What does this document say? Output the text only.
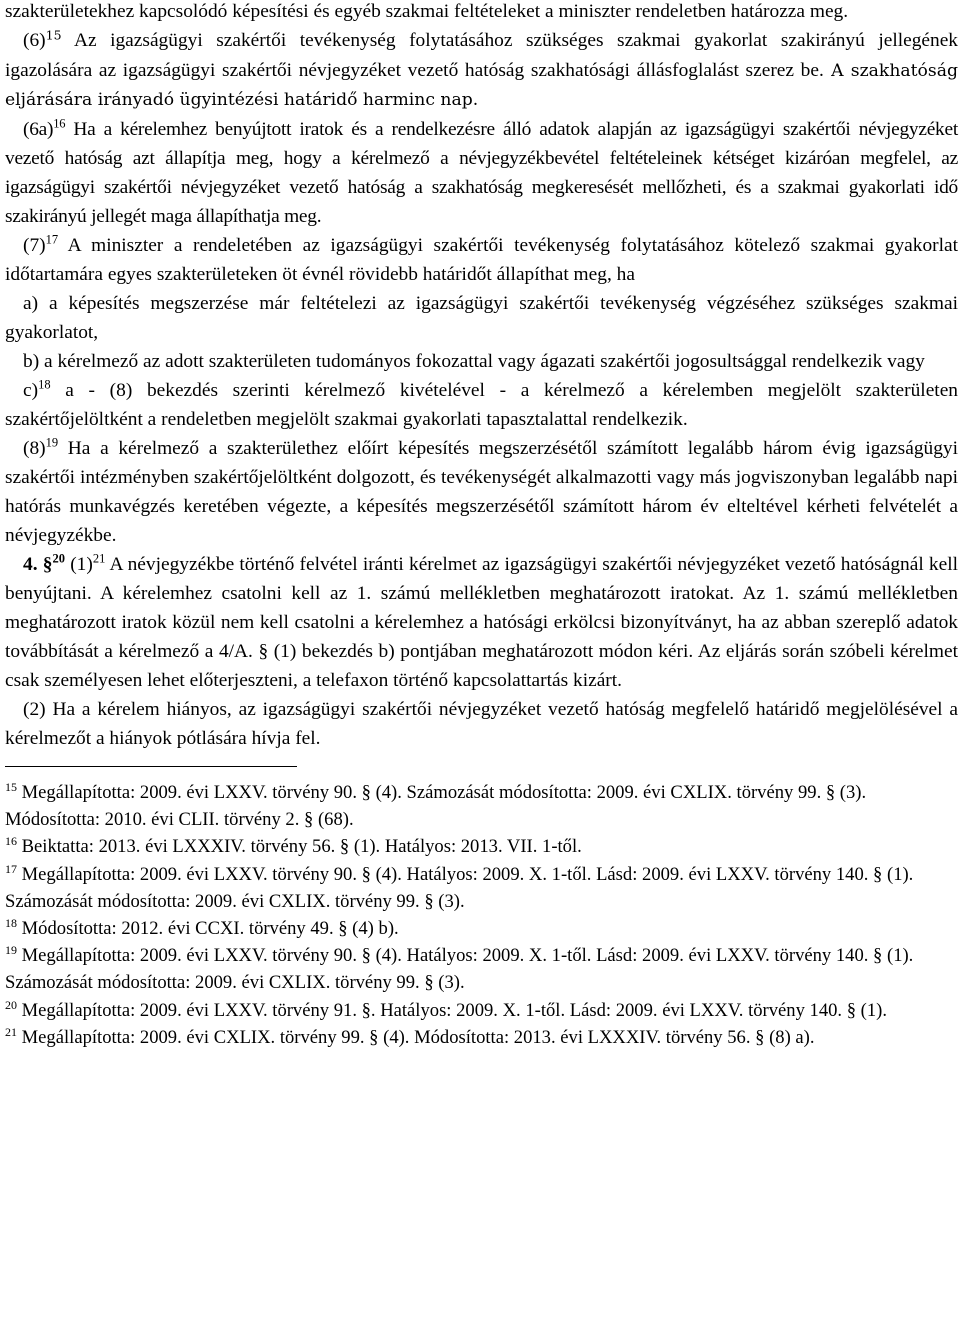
szakterületekhez kapcsolódó képesítési és egyéb szakmai feltételeket a miniszter rendeletben határozza meg.

$(6)^{15}$ Az igazságügyi szakértői tevékenység folytatásához szükséges szakmai gyakorlat szakirányú jellegének igazolására az igazságügyi szakértői névjegyzéket vezető hatóság szakhatósági állásfoglalást szerez be. A szakhatóság eljárására irányadó ügyintézési határidő harminc nap.

$(6a)^{16}$ Ha a kérelemhez benyújtott iratok és a rendelkezésre álló adatok alapján az igazságügyi szakértői névjegyzéket vezető hatóság azt állapítja meg, hogy a kérelmező a névjegyzékbevétel feltételeinek kétséget kizáróan megfelel, az igazságügyi szakértői névjegyzéket vezető hatóság a szakhatóság megkeresését mellőzheti, és a szakmai gyakorlati idő szakirányú jellegét maga állapíthatja meg.

$(7)^{17}$ A miniszter a rendeletében az igazságügyi szakértői tevékenység folytatásához kötelező szakmai gyakorlat időtartamára egyes szakterületeken öt évnél rövidebb határidőt állapíthat meg, ha

a) a képesítés megszerzése már feltételezi az igazságügyi szakértői tevékenység végzéséhez szükséges szakmai gyakorlatot,

b) a kérelmező az adott szakterületen tudományos fokozattal vagy ágazati szakértői jogosultsággal rendelkezik vagy

c)$^{18}$ a - (8) bekezdés szerinti kérelmező kivételével - a kérelmező a kérelemben megjelölt szakterületen szakértőjelöltként a rendeletben megjelölt szakmai gyakorlati tapasztalattal rendelkezik.

$(8)^{19}$ Ha a kérelmező a szakterülethez előírt képesítés megszerzésétől számított legalább három évig igazságügyi szakértői intézményben szakértőjelöltként dolgozott, és tevékenységét alkalmazotti vagy más jogviszonyban legalább napi hatórás munkavégzés keretében végezte, a képesítés megszerzésétől számított három év elteltével kérheti felvételét a névjegyzékbe.

4. §$^{20}$ $(1)^{21}$ A névjegyzékbe történő felvétel iránti kérelmet az igazságügyi szakértői névjegyzéket vezető hatóságnál kell benyújtani. A kérelemhez csatolni kell az 1. számú mellékletben meghatározott iratokat. Az 1. számú mellékletben meghatározott iratok közül nem kell csatolni a kérelemhez a hatósági erkölcsi bizonyítványt, ha az abban szereplő adatok továbbítását a kérelmező a 4/A. § (1) bekezdés b) pontjában meghatározott módon kéri. Az eljárás során szóbeli kérelmet csak személyesen lehet előterjeszteni, a telefaxon történő kapcsolattartás kizárt.

(2) Ha a kérelem hiányos, az igazságügyi szakértői névjegyzéket vezető hatóság megfelelő határidő megjelölésével a kérelmezőt a hiányok pótlására hívja fel.

$^{15}$ Megállapította: 2009. évi LXXV. törvény 90. § (4). Számozását módosította: 2009. évi CXLIX. törvény 99. § (3). Módosította: 2010. évi CLII. törvény 2. § (68).

$^{16}$ Beiktatta: 2013. évi LXXXIV. törvény 56. § (1). Hatályos: 2013. VII. 1-től.

$^{17}$ Megállapította: 2009. évi LXXV. törvény 90. § (4). Hatályos: 2009. X. 1-től. Lásd: 2009. évi LXXV. törvény 140. § (1). Számozását módosította: 2009. évi CXLIX. törvény 99. § (3).

$^{18}$ Módosította: 2012. évi CCXI. törvény 49. § (4) b).

$^{19}$ Megállapította: 2009. évi LXXV. törvény 90. § (4). Hatályos: 2009. X. 1-től. Lásd: 2009. évi LXXV. törvény 140. § (1). Számozását módosította: 2009. évi CXLIX. törvény 99. § (3).

$^{20}$ Megállapította: 2009. évi LXXV. törvény 91. §. Hatályos: 2009. X. 1-től. Lásd: 2009. évi LXXV. törvény 140. § (1).

$^{21}$ Megállapította: 2009. évi CXLIX. törvény 99. § (4). Módosította: 2013. évi LXXXIV. törvény 56. § (8) a).
